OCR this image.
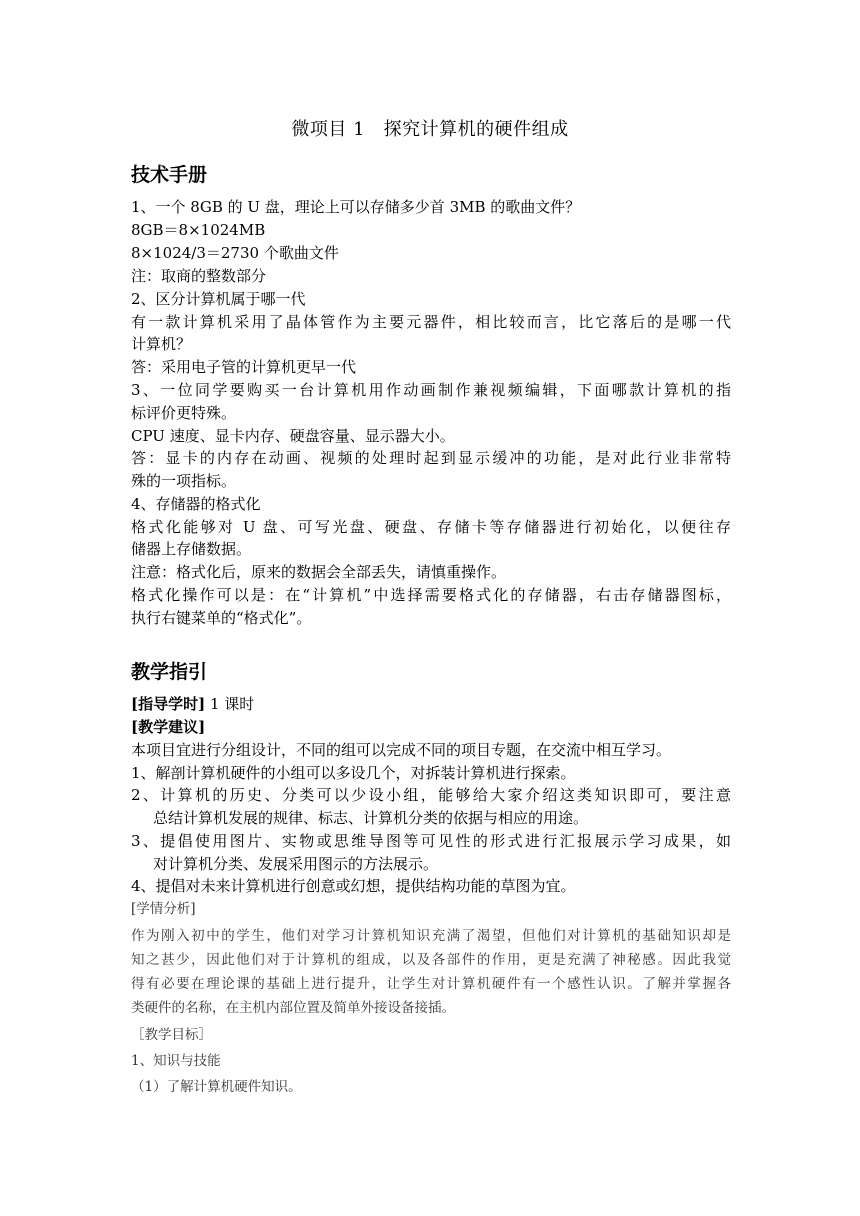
微项目 1　探究计算机的硬件组成
技术手册
1、一个 8GB 的 U 盘，理论上可以存储多少首 3MB 的歌曲文件？
8GB＝8×1024MB
8×1024/3＝2730 个歌曲文件
注：取商的整数部分
2、区分计算机属于哪一代
有一款计算机采用了晶体管作为主要元器件，相比较而言，比它落后的是哪一代
计算机？
答：采用电子管的计算机更早一代
3、一位同学要购买一台计算机用作动画制作兼视频编辑，下面哪款计算机的指
标评价更特殊。
CPU 速度、显卡内存、硬盘容量、显示器大小。
答：显卡的内存在动画、视频的处理时起到显示缓冲的功能，是对此行业非常特
殊的一项指标。
4、存储器的格式化
格式化能够对 U 盘、可写光盘、硬盘、存储卡等存储器进行初始化，以便往存
储器上存储数据。
注意：格式化后，原来的数据会全部丢失，请慎重操作。
格式化操作可以是：在“计算机”中选择需要格式化的存储器，右击存储器图标，
执行右键菜单的“格式化”。
教学指引
[指导学时] 1 课时
[教学建议]
本项目宜进行分组设计，不同的组可以完成不同的项目专题，在交流中相互学习。
1、解剖计算机硬件的小组可以多设几个，对拆装计算机进行探索。
2、计算机的历史、分类可以少设小组，能够给大家介绍这类知识即可，要注意
总结计算机发展的规律、标志、计算机分类的依据与相应的用途。
3、提倡使用图片、实物或思维导图等可见性的形式进行汇报展示学习成果，如
对计算机分类、发展采用图示的方法展示。
4、提倡对未来计算机进行创意或幻想，提供结构功能的草图为宜。
[学情分析]
作为刚入初中的学生，他们对学习计算机知识充满了渴望，但他们对计算机的基础知识却是
知之甚少，因此他们对于计算机的组成，以及各部件的作用，更是充满了神秘感。因此我觉
得有必要在理论课的基础上进行提升，让学生对计算机硬件有一个感性认识。了解并掌握各
类硬件的名称，在主机内部位置及简单外接设备接插。
［教学目标］
1、知识与技能
（1）了解计算机硬件知识。
